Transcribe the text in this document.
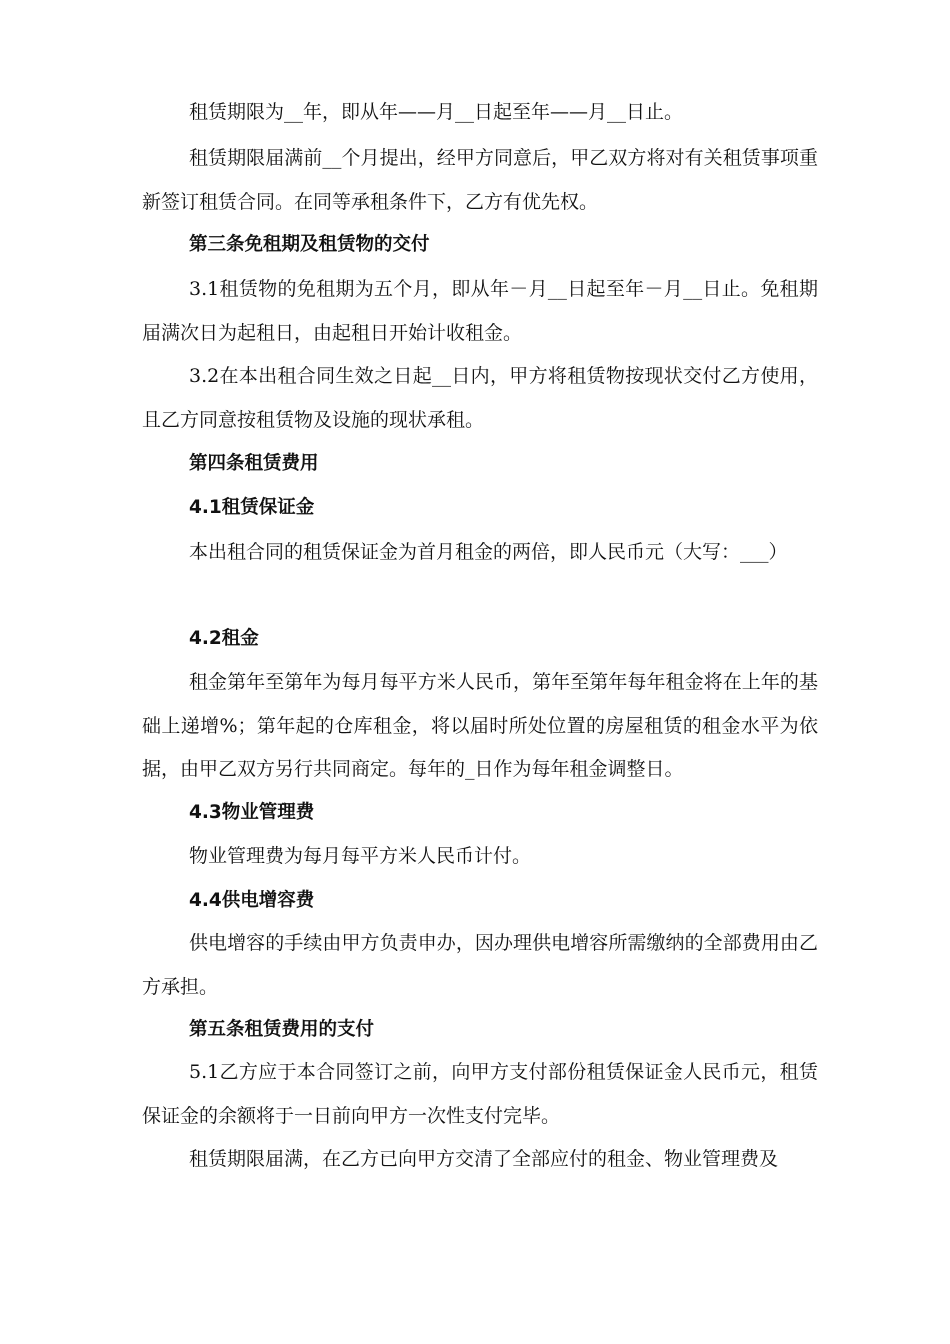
租赁期限为__年，即从年——月__日起至年——月__日止。

租赁期限届满前__个月提出，经甲方同意后，甲乙双方将对有关租赁事项重新签订租赁合同。在同等承租条件下，乙方有优先权。

第三条免租期及租赁物的交付

3.1租赁物的免租期为五个月，即从年－月__日起至年－月__日止。免租期届满次日为起租日，由起租日开始计收租金。

3.2在本出租合同生效之日起__日内，甲方将租赁物按现状交付乙方使用，且乙方同意按租赁物及设施的现状承租。

第四条租赁费用

4.1租赁保证金

本出租合同的租赁保证金为首月租金的两倍，即人民币元（大写：___）

4.2租金

租金第年至第年为每月每平方米人民币，第年至第年每年租金将在上年的基础上递增%；第年起的仓库租金，将以届时所处位置的房屋租赁的租金水平为依据，由甲乙双方另行共同商定。每年的_日作为每年租金调整日。

4.3物业管理费

物业管理费为每月每平方米人民币计付。

4.4供电增容费

供电增容的手续由甲方负责申办，因办理供电增容所需缴纳的全部费用由乙方承担。

第五条租赁费用的支付

5.1乙方应于本合同签订之前，向甲方支付部份租赁保证金人民币元，租赁保证金的余额将于一日前向甲方一次性支付完毕。

租赁期限届满，在乙方已向甲方交清了全部应付的租金、物业管理费及
